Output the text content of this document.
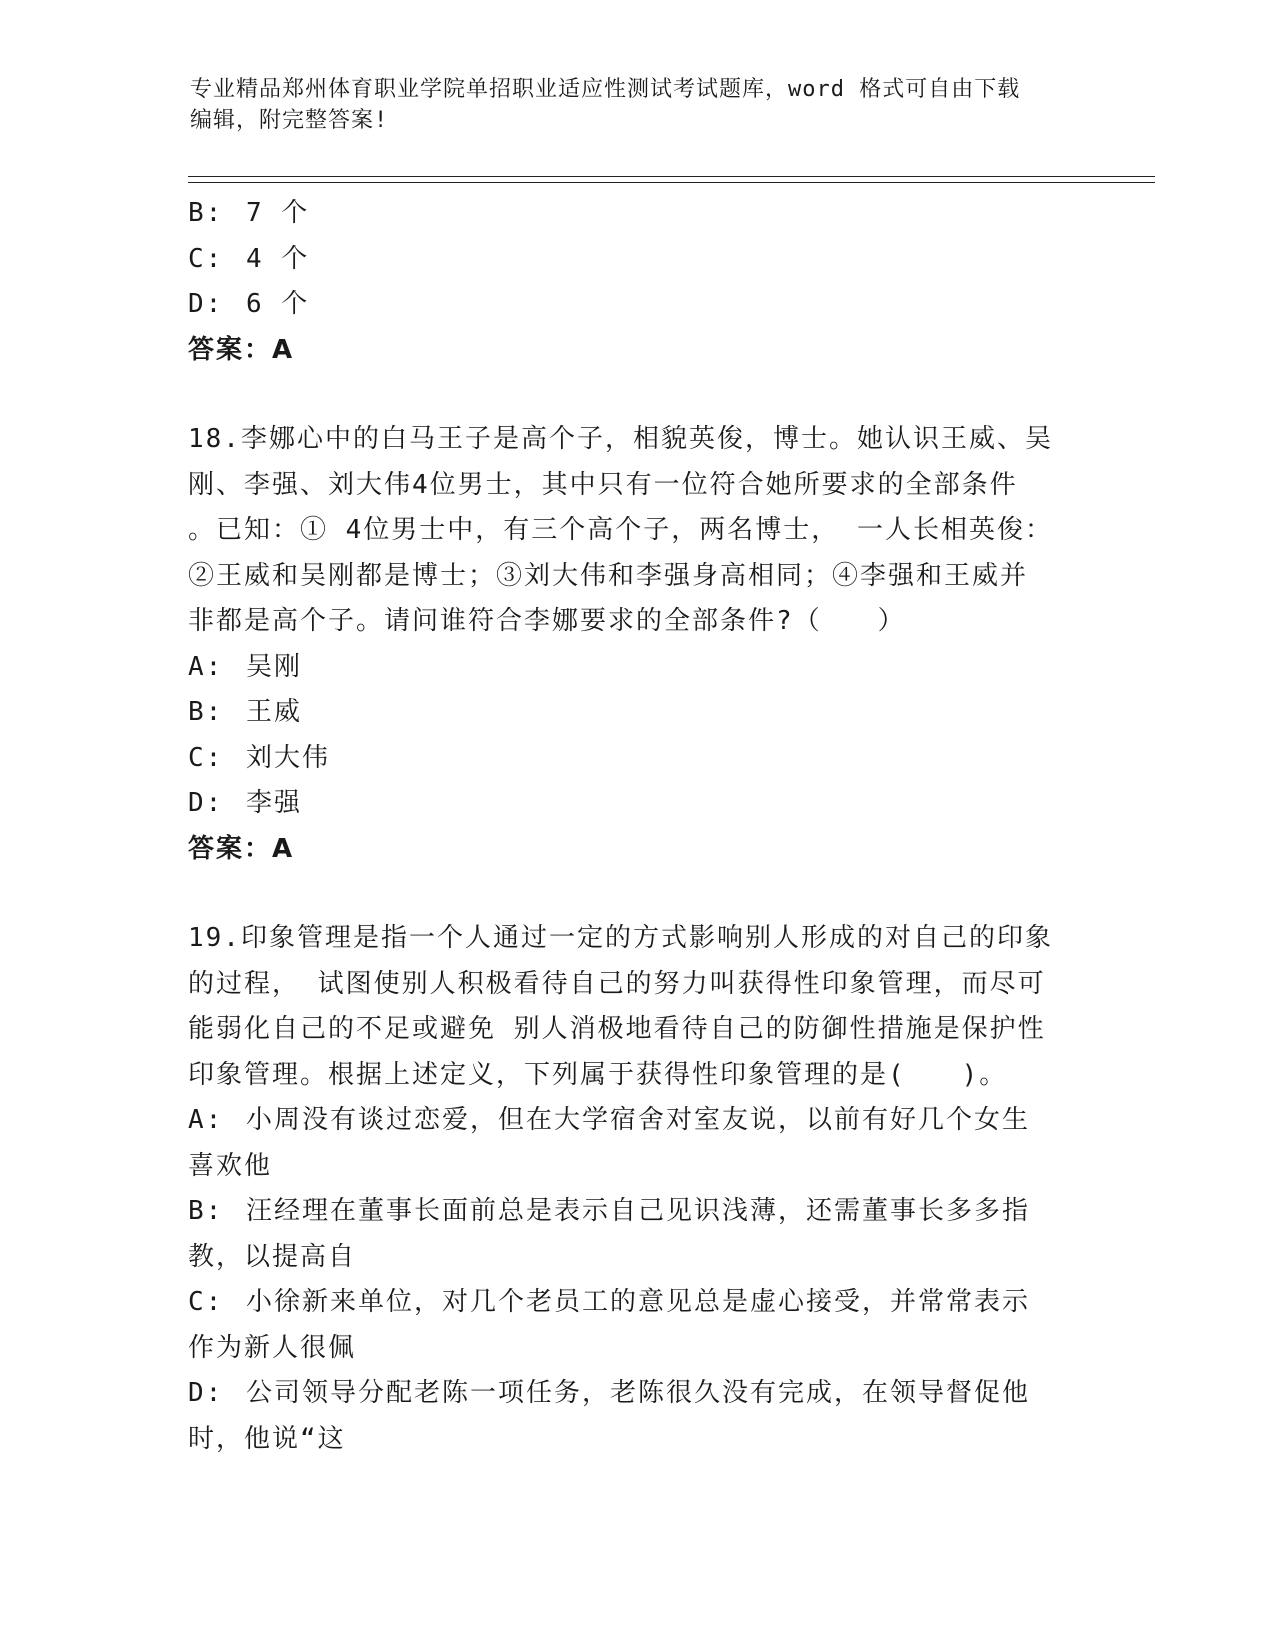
专业精品郑州体育职业学院单招职业适应性测试考试题库，word 格式可自由下载
编辑，附完整答案!
B: 7 个
C: 4 个
D: 6 个
答案：A
18.李娜心中的白马王子是高个子，相貌英俊，博士。她认识王威、吴
刚、李强、刘大伟4位男士，其中只有一位符合她所要求的全部条件
。已知：① 4位男士中，有三个高个子，两名博士， 一人长相英俊：
②王威和吴刚都是博士；③刘大伟和李强身高相同；④李强和王威并
非都是高个子。请问谁符合李娜要求的全部条件?（　　）
A: 吴刚
B: 王威
C: 刘大伟
D: 李强
答案：A
19.印象管理是指一个人通过一定的方式影响别人形成的对自己的印象
的过程， 试图使别人积极看待自己的努力叫获得性印象管理，而尽可
能弱化自己的不足或避免 别人消极地看待自己的防御性措施是保护性
印象管理。根据上述定义，下列属于获得性印象管理的是(　　)。
A: 小周没有谈过恋爱，但在大学宿舍对室友说，以前有好几个女生
喜欢他
B: 汪经理在董事长面前总是表示自己见识浅薄，还需董事长多多指
教，以提高自
C: 小徐新来单位，对几个老员工的意见总是虚心接受，并常常表示
作为新人很佩
D: 公司领导分配老陈一项任务，老陈很久没有完成，在领导督促他
时，他说“这
